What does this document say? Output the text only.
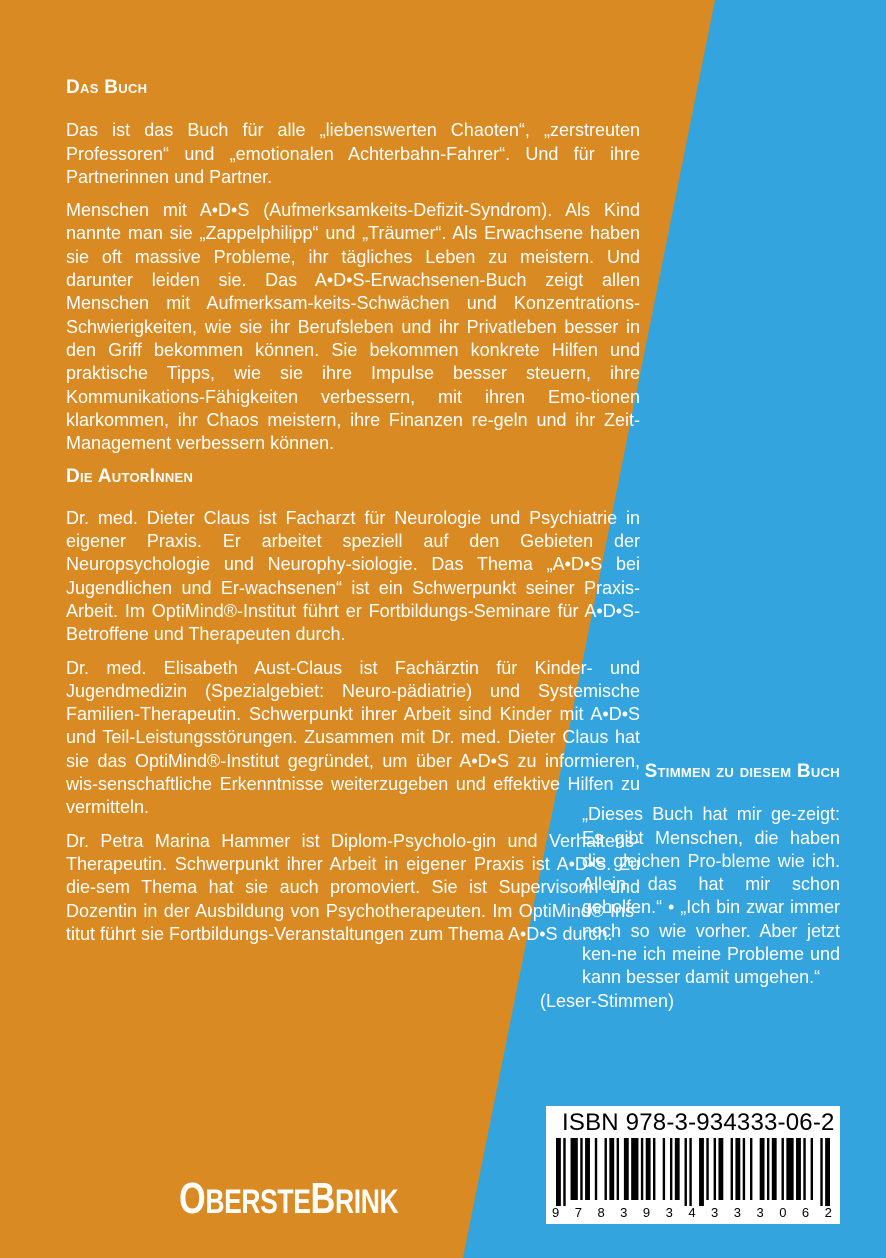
Das Buch

Das ist das Buch für alle „liebenswerten Chaoten“, „zerstreuten Professoren“ und „emotionalen Achterbahn-Fahrer“. Und für ihre Partnerinnen und Partner.

Menschen mit A•D•S (Aufmerksamkeits-Defizit-Syndrom). Als Kind nannte man sie „Zappelphilipp“ und „Träumer“. Als Erwachsene haben sie oft massive Probleme, ihr tägliches Leben zu meistern. Und darunter leiden sie. Das A•D•S-Erwachsenen-Buch zeigt allen Menschen mit Aufmerksam-keits-Schwächen und Konzentrations-Schwierigkeiten, wie sie ihr Berufsleben und ihr Privatleben besser in den Griff bekommen können. Sie bekommen konkrete Hilfen und praktische Tipps, wie sie ihre Impulse besser steuern, ihre Kommunikations-Fähigkeiten verbessern, mit ihren Emo-tionen klarkommen, ihr Chaos meistern, ihre Finanzen re-geln und ihr Zeit-Management verbessern können.

Die AutorInnen

Dr. med. Dieter Claus ist Facharzt für Neurologie und Psychiatrie in eigener Praxis. Er arbeitet speziell auf den Gebieten der Neuropsychologie und Neurophy-siologie. Das Thema „A•D•S bei Jugendlichen und Er-wachsenen“ ist ein Schwerpunkt seiner Praxis-Arbeit. Im OptiMind®-Institut führt er Fortbildungs-Seminare für A•D•S-Betroffene und Therapeuten durch.

Dr. med. Elisabeth Aust-Claus ist Fachärztin für Kinder- und Jugendmedizin (Spezialgebiet: Neuro-pädiatrie) und Systemische Familien-Therapeutin. Schwerpunkt ihrer Arbeit sind Kinder mit A•D•S und Teil-Leistungsstörungen. Zusammen mit Dr. med. Dieter Claus hat sie das OptiMind®-Institut gegründet, um über A•D•S zu informieren, wis-senschaftliche Erkenntnisse weiterzugeben und effektive Hilfen zu vermitteln.

Dr. Petra Marina Hammer ist Diplom-Psycholo-gin und Verhaltens-Therapeutin. Schwerpunkt ihrer Arbeit in eigener Praxis ist A•D•S. Zu die-sem Thema hat sie auch promoviert. Sie ist Supervisorin und Dozentin in der Ausbildung von Psychotherapeuten. Im OptiMind®-Ins-titut führt sie Fortbildungs-Veranstaltungen zum Thema A•D•S durch.

Stimmen zu diesem Buch

„Dieses Buch hat mir ge-zeigt: Es gibt Menschen, die haben die gleichen Pro-bleme wie ich. Allein das hat mir schon geholfen.“ • „Ich bin zwar immer noch so wie vorher. Aber jetzt ken-ne ich meine Probleme und kann besser damit umgehen.“

(Leser-Stimmen)

ISBN 978-3-934333-06-2
9 7 8 3 9 3 4 3 3 3 0 6 2
OBERSTEBRINK
